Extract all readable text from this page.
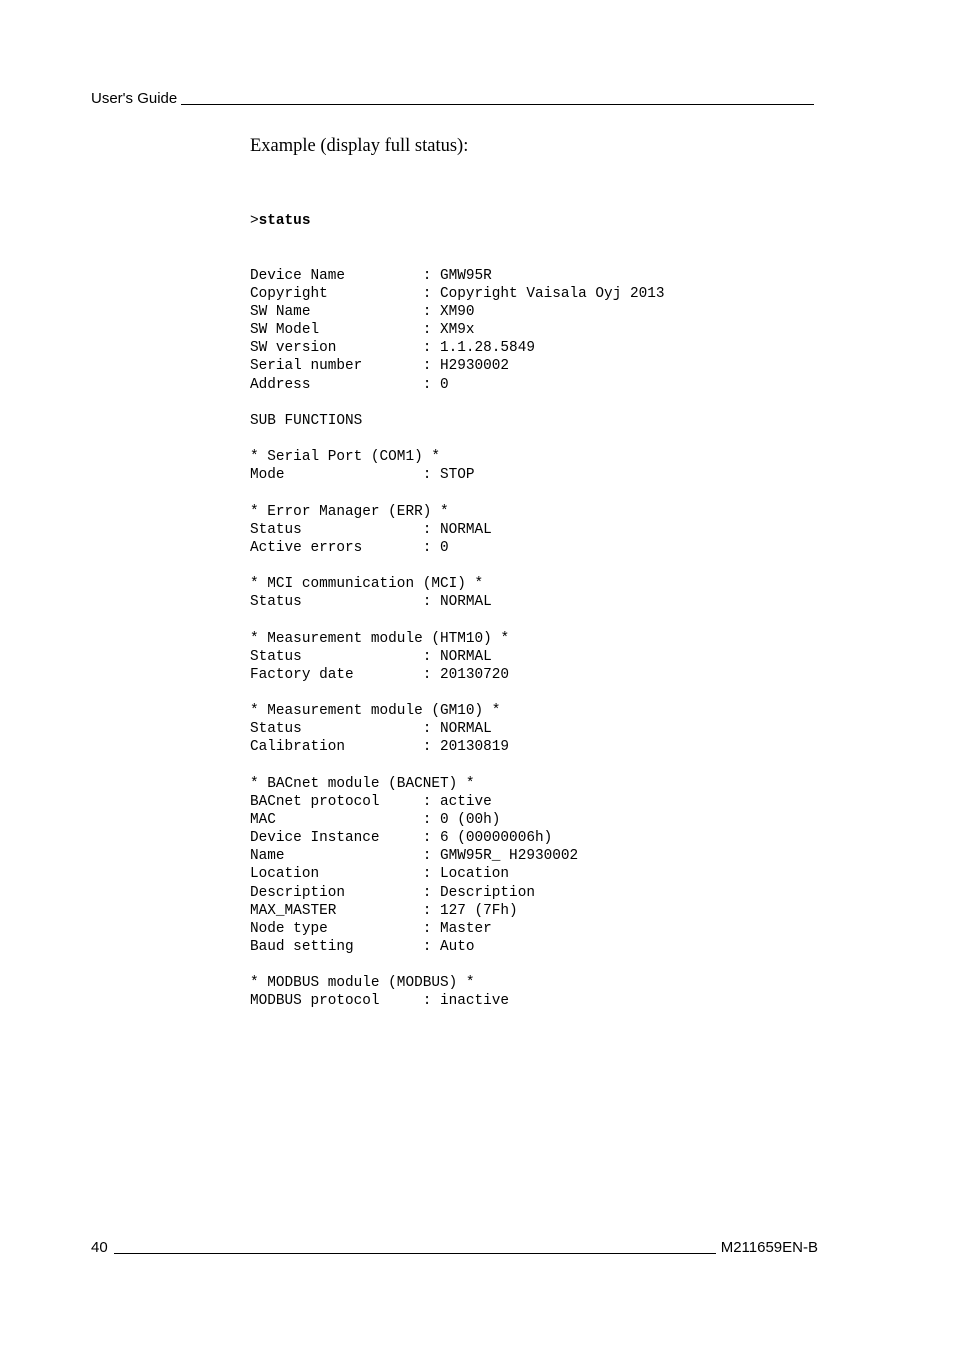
User's Guide

Example (display full status):

>status

Device Name	: GMW95R
Copyright	: Copyright Vaisala Oyj 2013
SW Name	: XM90
SW Model	: XM9x
SW version	: 1.1.28.5849
Serial number	: H2930002
Address	: 0
SUB FUNCTIONS
* Serial Port (COM1) *
Mode	: STOP
* Error Manager (ERR) *
Status	: NORMAL
Active errors	: 0
* MCI communication (MCI) *
Status	: NORMAL
* Measurement module (HTM10) *
Status	: NORMAL
Factory date	: 20130720
* Measurement module (GM10) *
Status	: NORMAL
Calibration	: 20130819
* BACnet module (BACNET) *
BACnet protocol	: active
MAC	: 0 (00h)
Device Instance	: 6 (00000006h)
Name	: GMW95R_ H2930002
Location	: Location
Description	: Description
MAX_MASTER	: 127 (7Fh)
Node type	: Master
Baud setting	: Auto
* MODBUS module (MODBUS) *
MODBUS protocol	: inactive

40	M211659EN-B
